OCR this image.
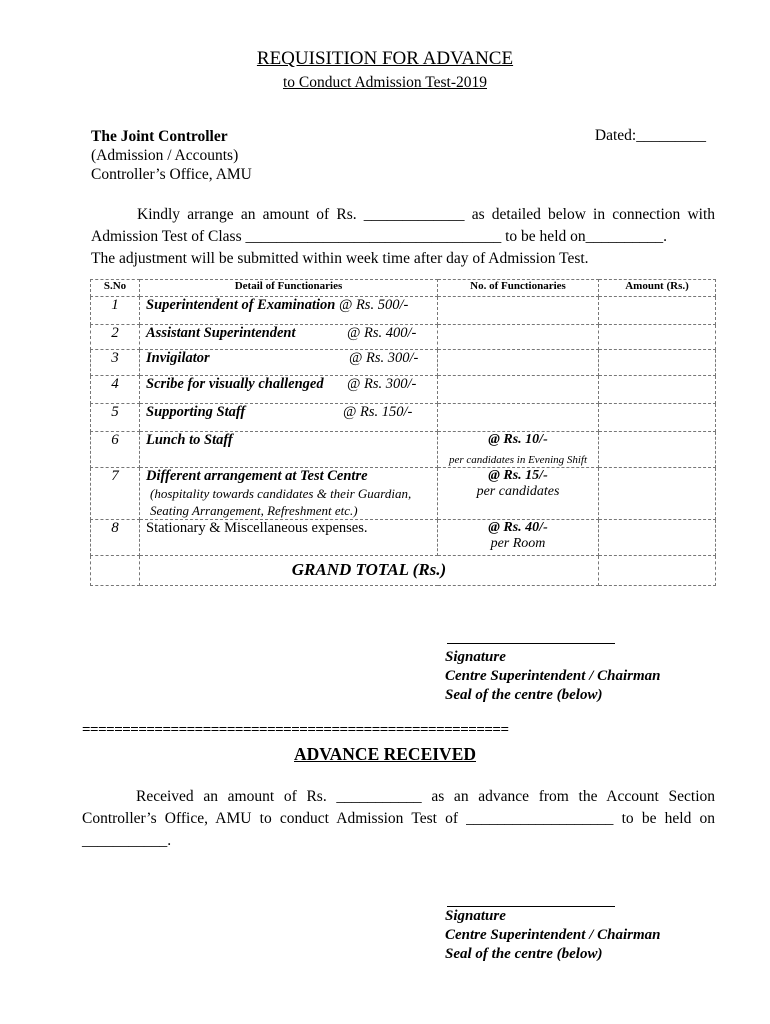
REQUISITION FOR ADVANCE
to Conduct Admission Test-2019
The Joint Controller
(Admission / Accounts)
Controller’s Office, AMU
Dated:_________
Kindly arrange an amount of Rs. _____________ as detailed below in connection with Admission Test of Class _________________________________ to be held on__________.
The adjustment will be submitted within week time after day of Admission Test.
S.No	Detail of Functionaries	No. of Functionaries	Amount (Rs.)
1	Superintendent of Examination @ Rs. 500/-		
2	Assistant Superintendent @ Rs. 400/-		

3	Invigilator @ Rs. 300/-		

4	Scribe for visually challenged @ Rs. 300/-		

5	Supporting Staff @ Rs. 150/-		

6	Lunch to Staff	@ Rs. 10/-
per candidates in Evening Shift	

7	Different arrangement at Test Centre
(hospitality towards candidates & their Guardian, Seating Arrangement, Refreshment etc.)	@ Rs. 15/-
per candidates	

8	Stationary & Miscellaneous expenses.	@ Rs. 40/-
per Room	

	GRAND TOTAL (Rs.)		
Signature
Centre Superintendent / Chairman
Seal of the centre (below)
=====================================================
ADVANCE RECEIVED
Received an amount of Rs. ___________ as an advance from the Account Section Controller’s Office, AMU to conduct Admission Test of ___________________ to be held on ___________.
Signature
Centre Superintendent / Chairman
Seal of the centre (below)
